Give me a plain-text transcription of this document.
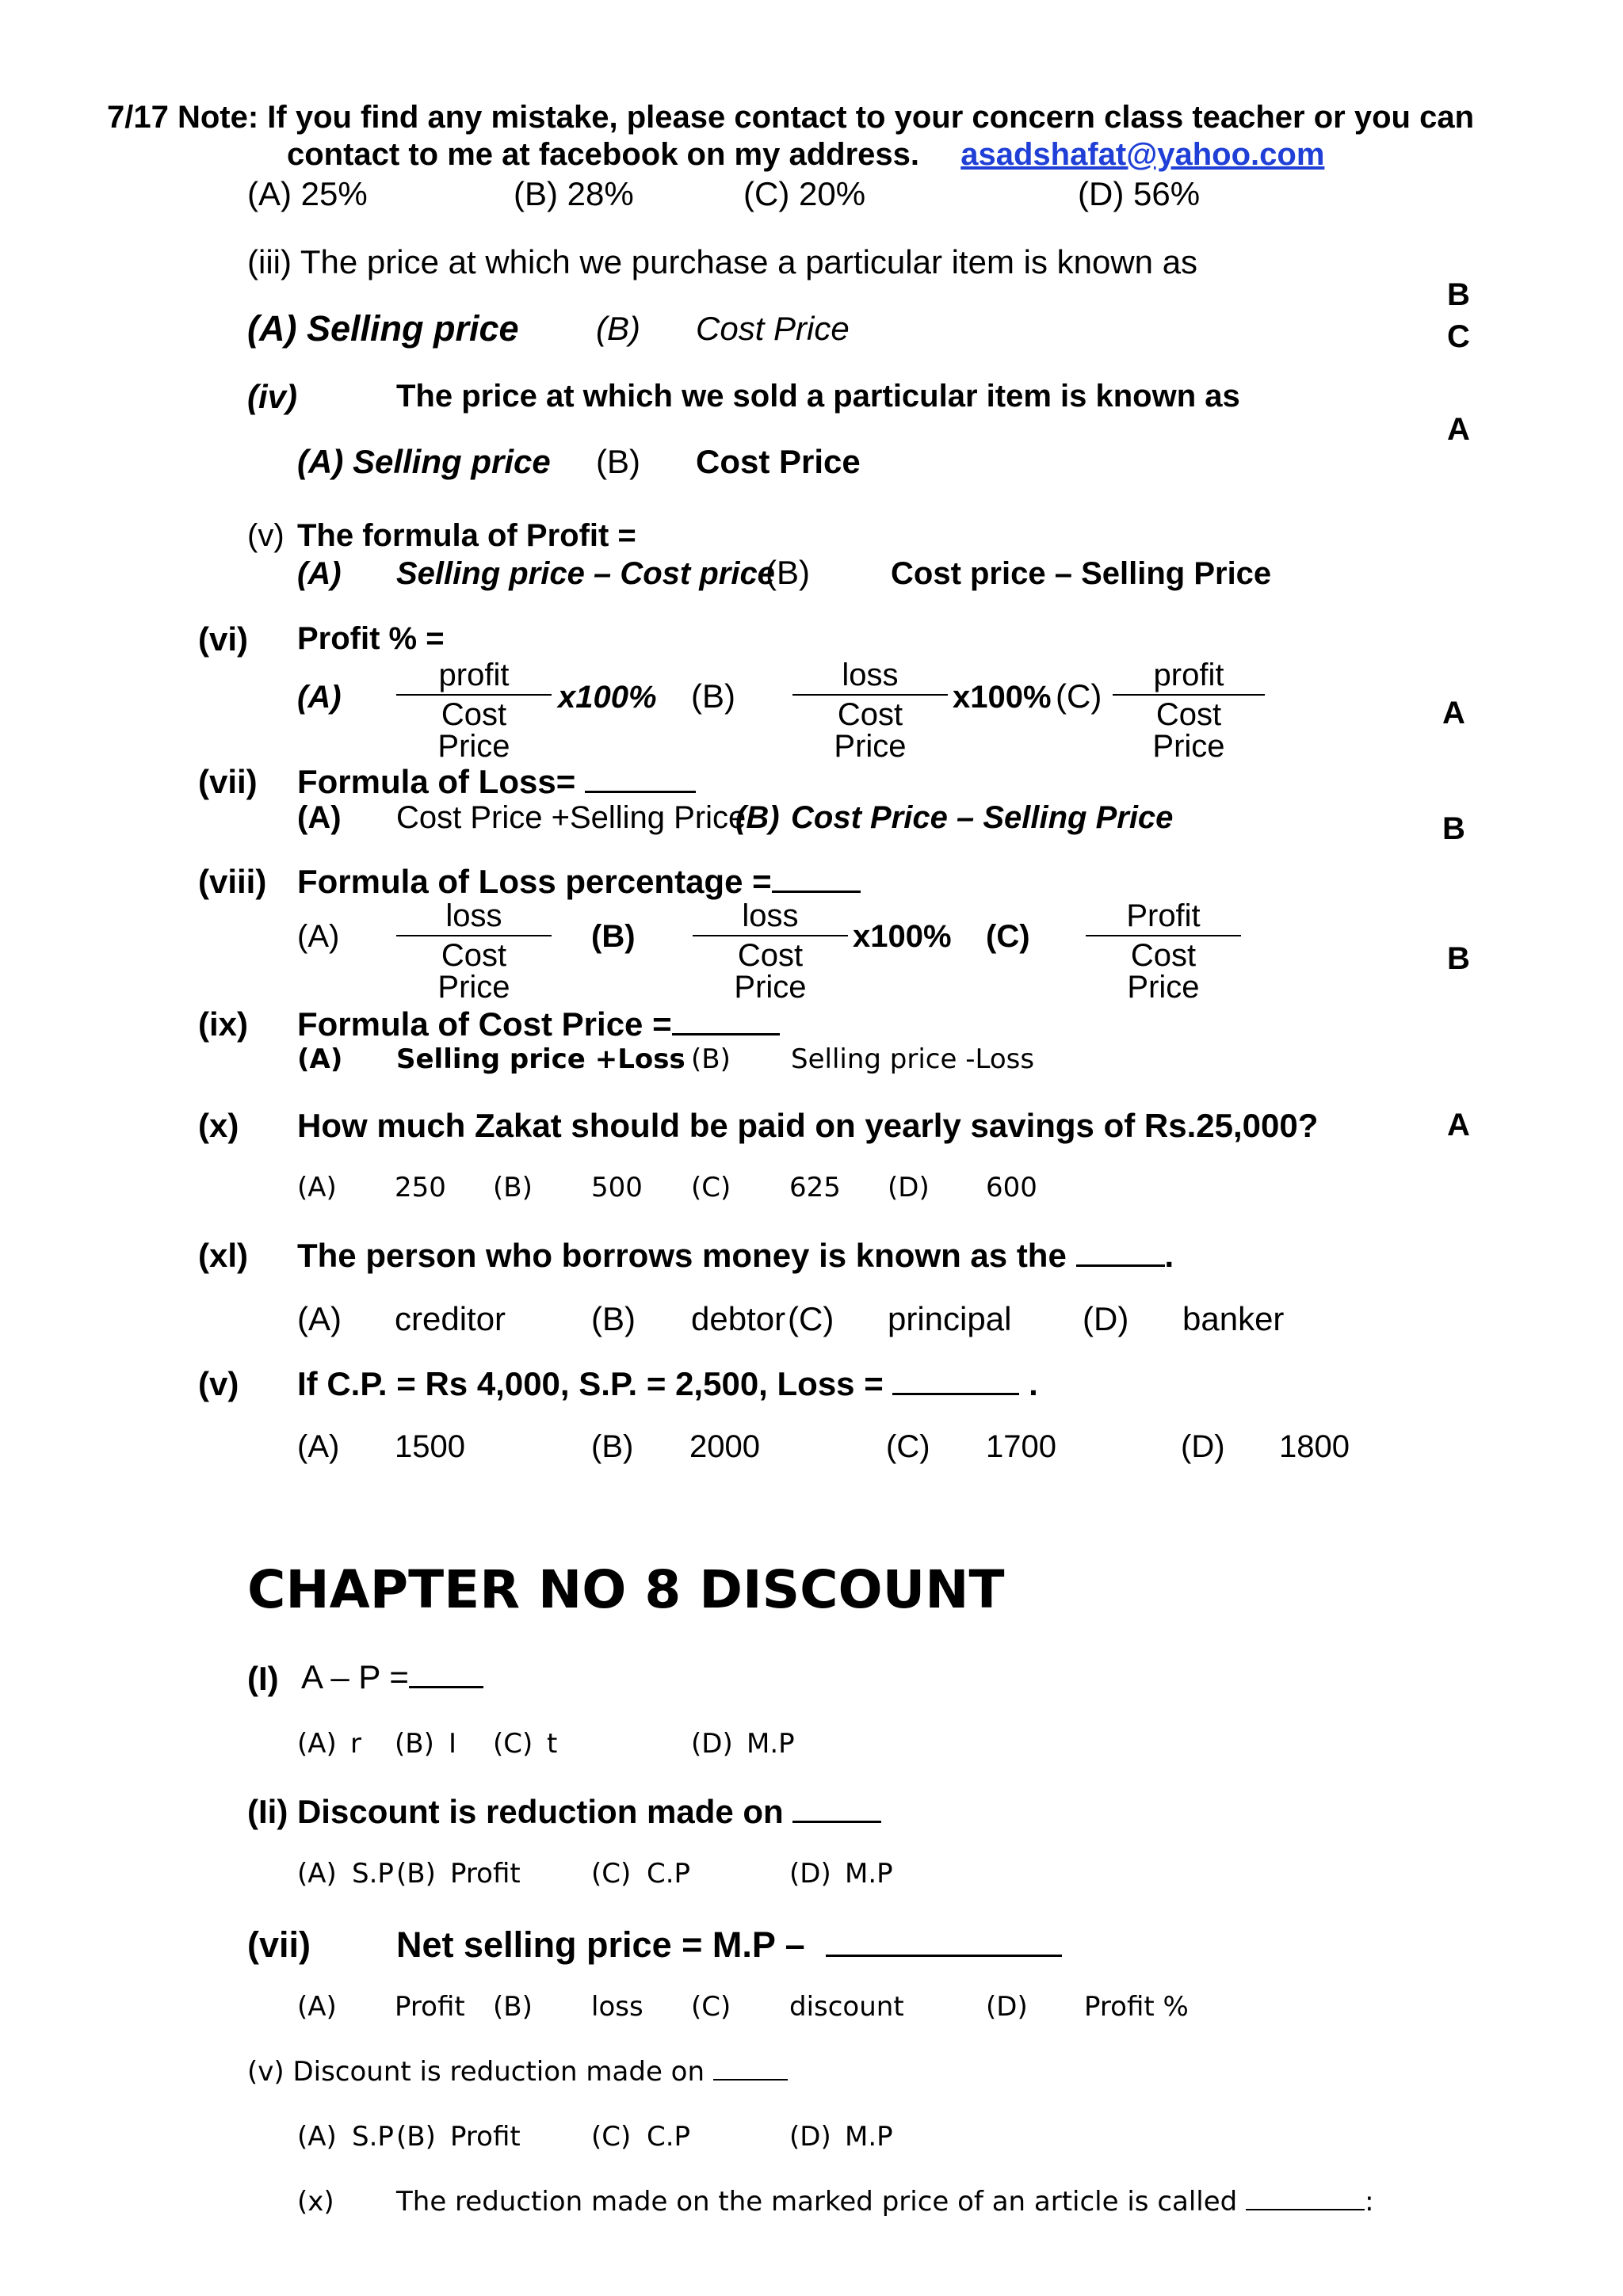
7/17 Note: If you find any mistake, please contact to your concern class teacher or you can
contact to me at facebook on my address. asadshafat@yahoo.com
(A) 25%	(B) 28%	(C) 20%	(D) 56%
(iii) The price at which we purchase a particular item is known as
(A) Selling price (B) Cost Price
B
C
(iv)	The price at which we sold a particular item is known as
(A) Selling price (B) Cost Price
A
(v) The formula of Profit =
(A) Selling price – Cost price
(B)	Cost price – Selling Price
(vi) Profit % =
(A)
profit
Cost Price
x100% (B)
loss
Cost Price
x100% (C)
profit
Cost Price
A
(vii) Formula of Loss=
(A) Cost Price +Selling Price
(B) Cost Price – Selling Price	B
(viii) Formula of Loss percentage =
(A)
loss
Cost Price
(B)
loss
Cost Price
x100% (C)
Profit
Cost Price
B
(ix) Formula of Cost Price =
(A) Selling price +Loss (B) Selling price -Loss
(x) How much Zakat should be paid on yearly savings of Rs.25,000?	A
(A) 250 (B) 500 (C) 625 (D) 600
(xl) The person who borrows money is known as the	.
(A) creditor	(B) debtor (C) principal (D) banker
(v) If C.P. = Rs 4,000, S.P. = 2,500, Loss =	.
(A) 1500	(B) 2000	(C) 1700	(D) 1800
CHAPTER NO 8 DISCOUNT
(I) A – P =
(A) r (B) I (C) t	(D) M.P
(Ii) Discount is reduction made on
(A) S.P (B) Profit	(C) C.P	(D) M.P
(vii) Net selling price = M.P –
(A) Profit (B) loss (C) discount	(D) Profit %
(v) Discount is reduction made on
(A) S.P (B) Profit	(C) C.P	(D) M.P
(x) The reduction made on the marked price of an article is called	:
